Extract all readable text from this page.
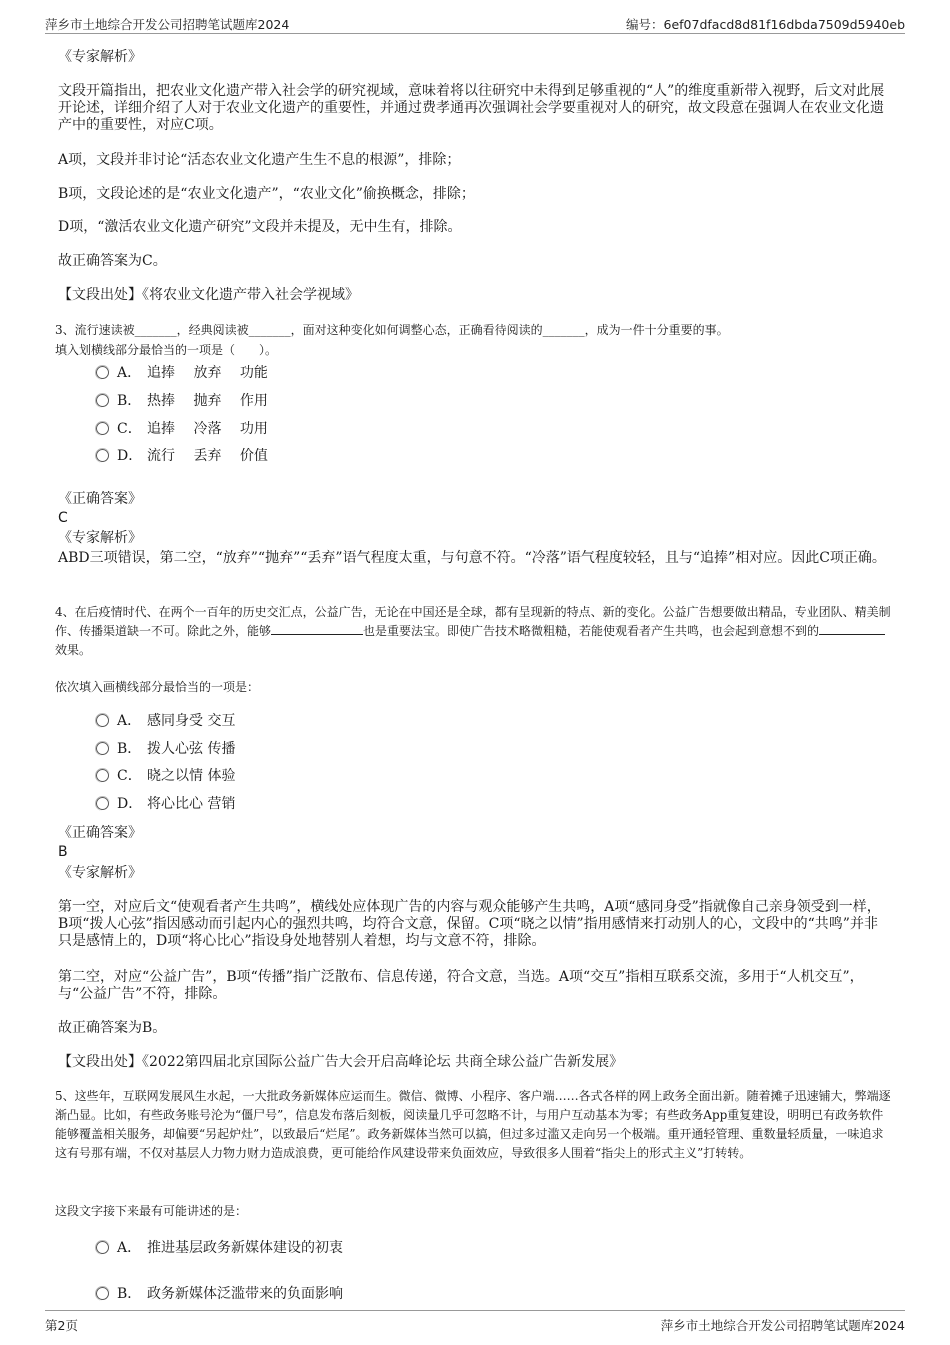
萍乡市土地综合开发公司招聘笔试题库2024	编号：6ef07dfacd8d81f16dbda7509d5940eb
《专家解析》
文段开篇指出，把农业文化遗产带入社会学的研究视域，意味着将以往研究中未得到足够重视的“人”的维度重新带入视野，后文对此展开论述，详细介绍了人对于农业文化遗产的重要性，并通过费孝通再次强调社会学要重视对人的研究，故文段意在强调人在农业文化遗产中的重要性，对应C项。
A项，文段并非讨论“活态农业文化遗产生生不息的根源”，排除；
B项，文段论述的是“农业文化遗产”，“农业文化”偷换概念，排除；
D项，“激活农业文化遗产研究”文段并未提及，无中生有，排除。
故正确答案为C。
【文段出处】《将农业文化遗产带入社会学视域》
3、流行速读被_______，经典阅读被_______，面对这种变化如何调整心态，正确看待阅读的_______，成为一件十分重要的事。
填入划横线部分最恰当的一项是（　　）。
A． 追捧　 放弃　 功能
B． 热捧　 抛弃　 作用
C． 追捧　 冷落　 功用
D． 流行　 丢弃　 价值
《正确答案》
C
《专家解析》
ABD三项错误，第二空，“放弃”“抛弃”“丢弃”语气程度太重，与句意不符。“冷落”语气程度较轻，且与“追捧”相对应。因此C项正确。
4、在后疫情时代、在两个一百年的历史交汇点，公益广告，无论在中国还是全球，都有呈现新的特点、新的变化。公益广告想要做出精品，专业团队、精美制作、传播渠道缺一不可。除此之外，能够	也是重要法宝。即使广告技术略微粗糙，若能使观看者产生共鸣，也会起到意想不到的效果。
依次填入画横线部分最恰当的一项是：
A． 感同身受 交互
B． 拨人心弦 传播
C． 晓之以情 体验
D． 将心比心 营销
《正确答案》
B
《专家解析》
第一空，对应后文“使观看者产生共鸣”，横线处应体现广告的内容与观众能够产生共鸣，A项“感同身受”指就像自己亲身领受到一样，B项“拨人心弦”指因感动而引起内心的强烈共鸣，均符合文意，保留。C项“晓之以情”指用感情来打动别人的心，文段中的“共鸣”并非只是感情上的，D项“将心比心”指设身处地替别人着想，均与文意不符，排除。
第二空，对应“公益广告”，B项“传播”指广泛散布、信息传递，符合文意，当选。A项“交互”指相互联系交流，多用于“人机交互”，与“公益广告”不符，排除。
故正确答案为B。
【文段出处】《2022第四届北京国际公益广告大会开启高峰论坛 共商全球公益广告新发展》
5、这些年，互联网发展风生水起，一大批政务新媒体应运而生。微信、微博、小程序、客户端……各式各样的网上政务全面出新。随着摊子迅速铺大，弊端逐渐凸显。比如，有些政务账号沦为“僵尸号”，信息发布落后刻板，阅读量几乎可忽略不计，与用户互动基本为零；有些政务App重复建设，明明已有政务软件能够覆盖相关服务，却偏要“另起炉灶”，以致最后“烂尾”。政务新媒体当然可以搞，但过多过滥又走向另一个极端。重开通轻管理、重数量轻质量，一味追求这有号那有端，不仅对基层人力物力财力造成浪费，更可能给作风建设带来负面效应，导致很多人围着“指尖上的形式主义”打转转。
这段文字接下来最有可能讲述的是：
A． 推进基层政务新媒体建设的初衷
B． 政务新媒体泛滥带来的负面影响
第2页	萍乡市土地综合开发公司招聘笔试题库2024
